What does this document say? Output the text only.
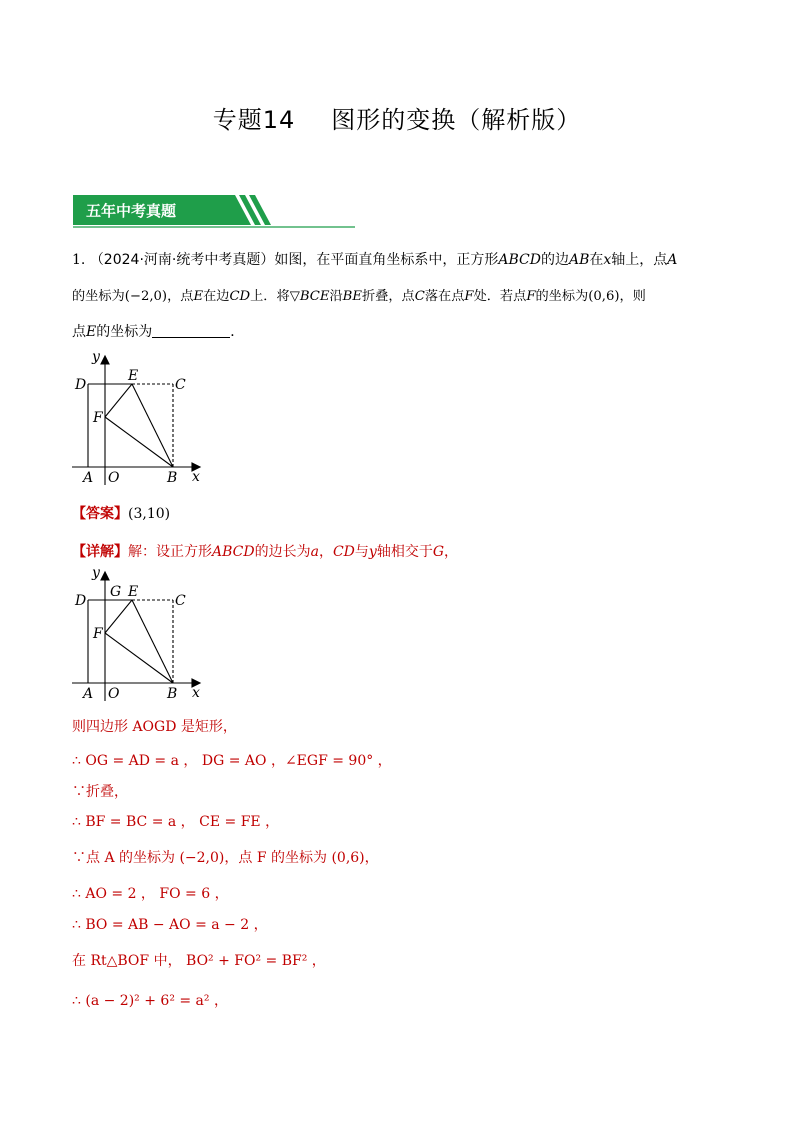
专题14 图形的变换（解析版）
五年中考真题
1. （2024·河南·统考中考真题）如图，在平面直角坐标系中，正方形ABCD的边AB在x轴上，点A
的坐标为(−2,0)，点E在边CD上．将▽BCE沿BE折叠，点C落在点F处．若点F的坐标为(0,6)，则
点E的坐标为	．
y
D
E
C
F
A O	B x
【答案】(3,10)
【详解】解：设正方形ABCD的边长为a，CD与y轴相交于G，
y
D
G E
C
F
A O	B x
则四边形 AOGD 是矩形，
∴ OG = AD = a ， DG = AO ，∠EGF = 90° ，
∵折叠，
∴ BF = BC = a ， CE = FE ，
∵点 A 的坐标为 (−2,0)，点 F 的坐标为 (0,6)，
∴ AO = 2 ， FO = 6 ，
∴ BO = AB − AO = a − 2 ，
在 Rt△BOF 中， BO² + FO² = BF² ，
∴ (a − 2)² + 6² = a² ，
